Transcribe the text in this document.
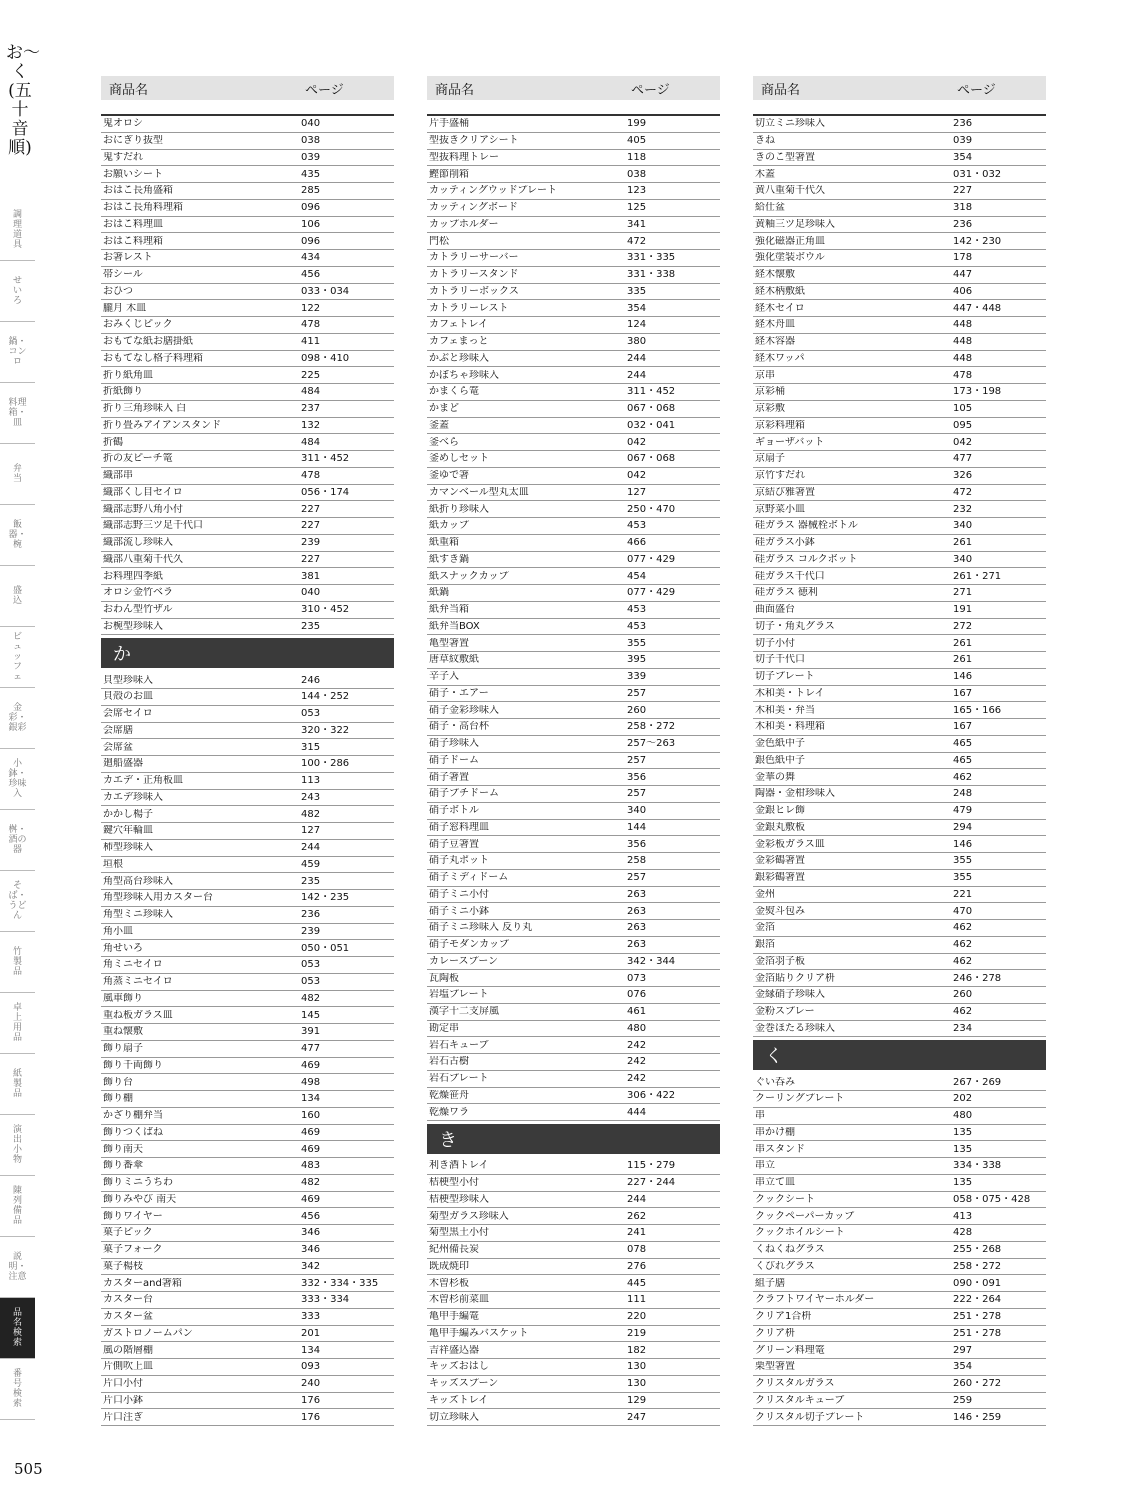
お〜く(五十音順)
調理道具
せいろ
鍋・コンロ
料理箱・皿
弁当
飯器・椀
盛込
ビュッフェ
金彩・銀彩
小鉢・珍味入
桝・酒の器
そば・うどん
竹製品
卓上用品
紙製品
演出小物
陳列備品
説明・注意
品名検索
番号検索
505
商品名	ページ
鬼オロシ	040
おにぎり抜型	038
鬼すだれ	039
お願いシート	435
おはこ長角盛箱	285
おはこ長角料理箱	096
おはこ料理皿	106
おはこ料理箱	096
お箸レスト	434
帯シール	456
おひつ	033・034
朧月 木皿	122
おみくじピック	478
おもてな紙お膳掛紙	411
おもてなし格子料理箱	098・410
折り紙角皿	225
折紙飾り	484
折り三角珍味入 白	237
折り畳みアイアンスタンド	132
折鶴	484
折の友ピーチ篭	311・452
織部串	478
織部くし目セイロ	056・174
織部志野八角小付	227
織部志野三ツ足千代口	227
織部流し珍味入	239
織部八重菊千代久	227
お料理四季紙	381
オロシ金竹ベラ	040
おわん型竹ザル	310・452
お椀型珍味入	235
か
貝型珍味入	246
貝殻のお皿	144・252
会席セイロ	053
会席膳	320・322
会席盆	315
廻船盛器	100・286
カエデ・正角板皿	113
カエデ珍味入	243
かかし楊子	482
鍵穴年輪皿	127
柿型珍味入	244
垣根	459
角型高台珍味入	235
角型珍味入用カスター台	142・235
角型ミニ珍味入	236
角小皿	239
角せいろ	050・051
角ミニセイロ	053
角蒸ミニセイロ	053
風車飾り	482
重ね板ガラス皿	145
重ね懐敷	391
飾り扇子	477
飾り千両飾り	469
飾り台	498
飾り棚	134
かざり棚弁当	160
飾りつくばね	469
飾り南天	469
飾り番傘	483
飾りミニうちわ	482
飾りみやび 南天	469
飾りワイヤー	456
菓子ピック	346
菓子フォーク	346
菓子楊枝	342
カスターand箸箱	332・334・335
カスター台	333・334
カスター盆	333
ガストロノームパン	201
風の階層棚	134
片側吹上皿	093
片口小付	240
片口小鉢	176
片口注ぎ	176
商品名	ページ
片手盛桶	199
型抜きクリアシート	405
型抜料理トレー	118
鰹節削箱	038
カッティングウッドプレート	123
カッティングボード	125
カップホルダー	341
門松	472
カトラリーサーバー	331・335
カトラリースタンド	331・338
カトラリーボックス	335
カトラリーレスト	354
カフェトレイ	124
カフェまっと	380
かぶと珍味入	244
かぼちゃ珍味入	244
かまくら篭	311・452
かまど	067・068
釜蓋	032・041
釜べら	042
釜めしセット	067・068
釜ゆで箸	042
カマンベール型丸太皿	127
紙折り珍味入	250・470
紙カップ	453
紙重箱	466
紙すき鍋	077・429
紙スナックカップ	454
紙鍋	077・429
紙弁当箱	453
紙弁当BOX	453
亀型箸置	355
唐草紋敷紙	395
辛子入	339
硝子・エアー	257
硝子金彩珍味入	260
硝子・高台杯	258・272
硝子珍味入	257〜263
硝子ドーム	257
硝子箸置	356
硝子プチドーム	257
硝子ボトル	340
硝子窓料理皿	144
硝子豆箸置	356
硝子丸ポット	258
硝子ミディドーム	257
硝子ミニ小付	263
硝子ミニ小鉢	263
硝子ミニ珍味入 反り丸	263
硝子モダンカップ	263
カレースプーン	342・344
瓦陶板	073
岩塩プレート	076
漢字十二支屏風	461
勘定串	480
岩石キューブ	242
岩石古樹	242
岩石プレート	242
乾燥笹舟	306・422
乾燥ワラ	444
き
利き酒トレイ	115・279
桔梗型小付	227・244
桔梗型珍味入	244
菊型ガラス珍味入	262
菊型黒土小付	241
紀州備長炭	078
既成焼印	276
木曽杉板	445
木曽杉前菜皿	111
亀甲手編篭	220
亀甲手編みバスケット	219
吉祥盛込器	182
キッズおはし	130
キッズスプーン	130
キッズトレイ	129
切立珍味入	247
商品名	ページ
切立ミニ珍味入	236
きね	039
きのこ型箸置	354
木蓋	031・032
黄八重菊千代久	227
給仕盆	318
黄釉三ツ足珍味入	236
強化磁器正角皿	142・230
強化塗装ボウル	178
経木懐敷	447
経木柄敷紙	406
経木セイロ	447・448
経木舟皿	448
経木容器	448
経木ワッパ	448
京串	478
京彩桶	173・198
京彩敷	105
京彩料理箱	095
ギョーザバット	042
京扇子	477
京竹すだれ	326
京結び雅箸置	472
京野菜小皿	232
硅ガラス 器械栓ボトル	340
硅ガラス小鉢	261
硅ガラス コルクボット	340
硅ガラス千代口	261・271
硅ガラス 徳利	271
曲面盛台	191
切子・角丸グラス	272
切子小付	261
切子千代口	261
切子プレート	146
木和美・トレイ	167
木和美・弁当	165・166
木和美・料理箱	167
金色紙中子	465
銀色紙中子	465
金華の舞	462
陶器・金柑珍味入	248
金銀ヒレ飾	479
金銀丸敷板	294
金彩板ガラス皿	146
金彩鶴箸置	355
銀彩鶴箸置	355
金州	221
金熨斗包み	470
金箔	462
銀箔	462
金箔羽子板	462
金箔貼りクリア枡	246・278
金縁硝子珍味入	260
金粉スプレー	462
金巻ほたる珍味入	234
く
ぐい呑み	267・269
クーリングプレート	202
串	480
串かけ棚	135
串スタンド	135
串立	334・338
串立て皿	135
クックシート	058・075・428
クックペーパーカップ	413
クックホイルシート	428
くねくねグラス	255・268
くびれグラス	258・272
組子膳	090・091
クラフトワイヤーホルダー	222・264
クリア1合枡	251・278
クリア枡	251・278
グリーン料理篭	297
栗型箸置	354
クリスタルガラス	260・272
クリスタルキューブ	259
クリスタル切子プレート	146・259
